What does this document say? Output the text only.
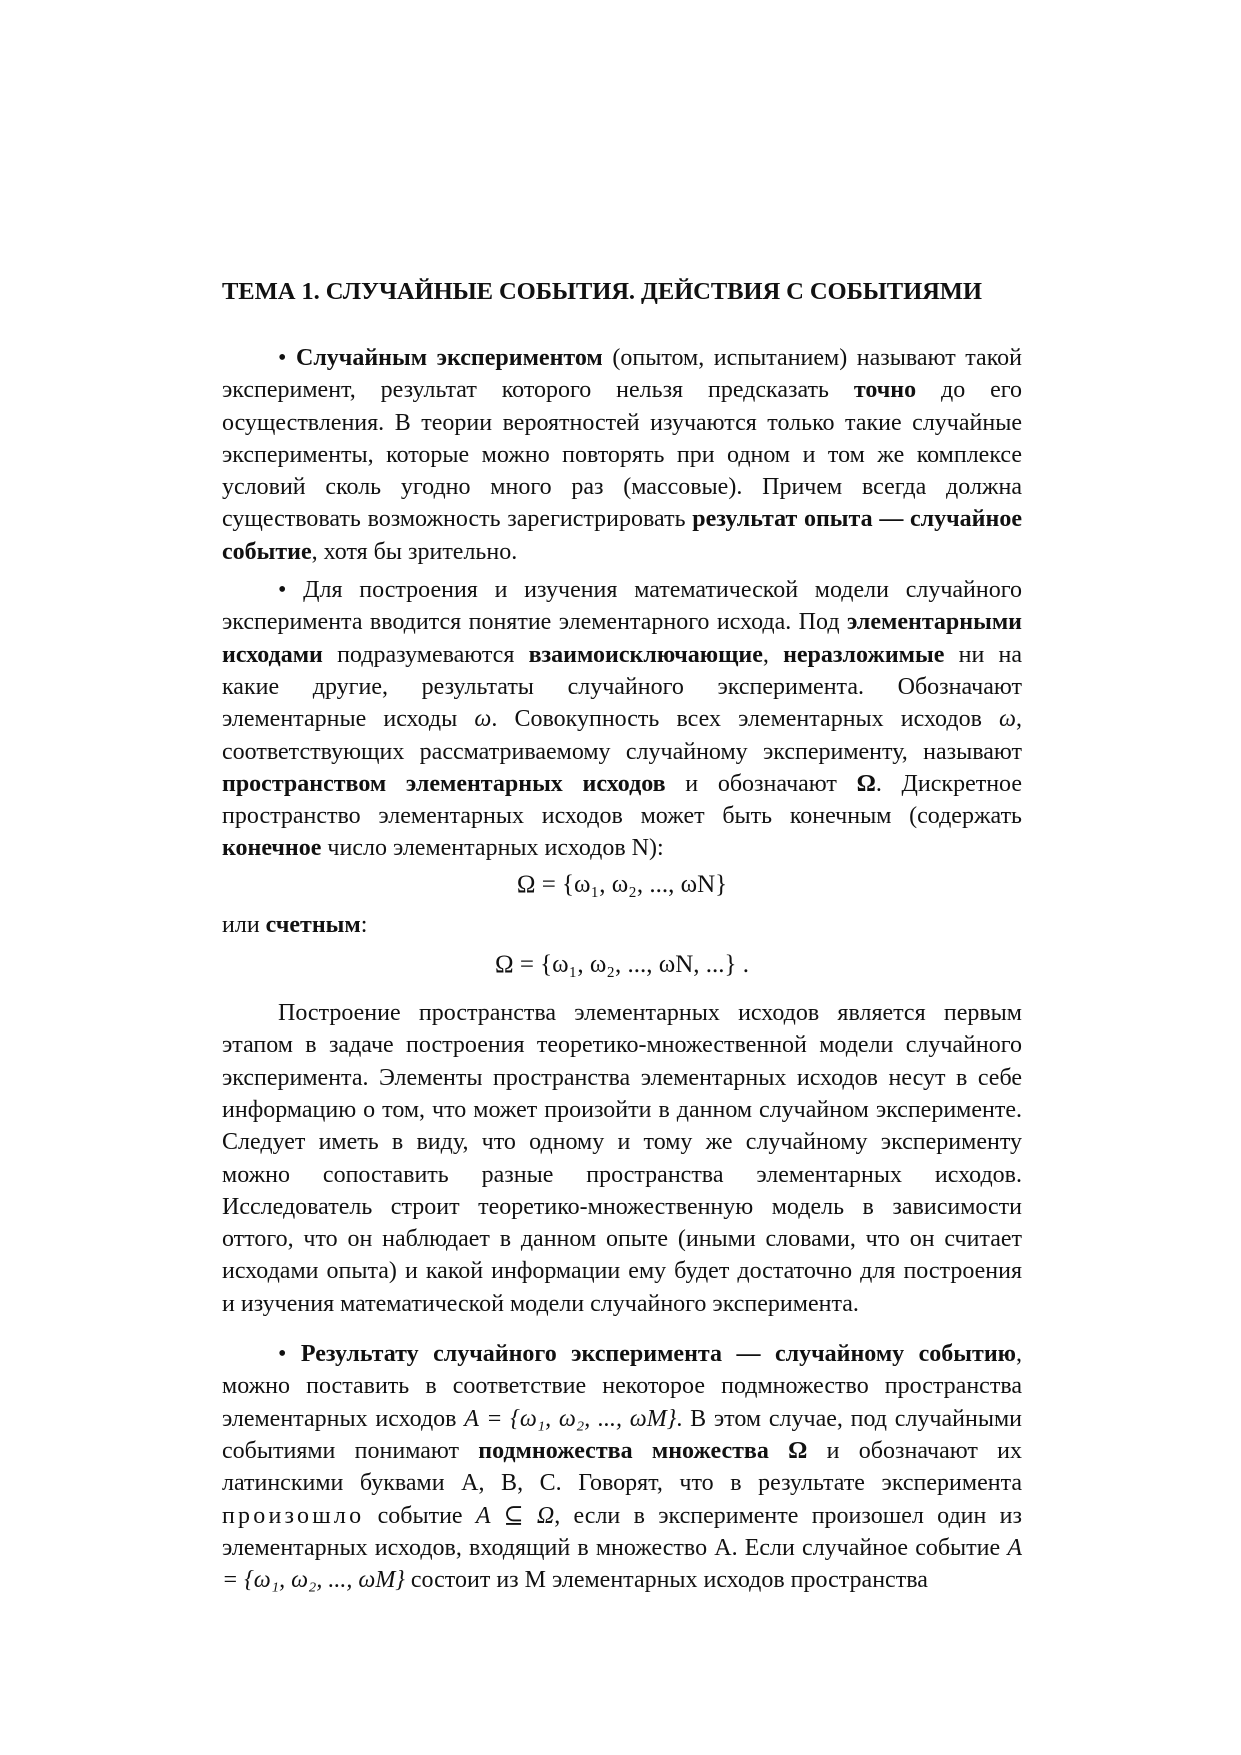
ТЕМА 1. СЛУЧАЙНЫЕ СОБЫТИЯ. ДЕЙСТВИЯ С СОБЫТИЯМИ

• Случайным экспериментом (опытом, испытанием) называют такой эксперимент, результат которого нельзя предсказать точно до его осуществления. В теории вероятностей изучаются только такие случайные эксперименты, которые можно повторять при одном и том же комплексе условий сколь угодно много раз (массовые). Причем всегда должна существовать возможность зарегистрировать результат опыта — случайное событие, хотя бы зрительно.

• Для построения и изучения математической модели случайного эксперимента вводится понятие элементарного исхода. Под элементарными исходами подразумеваются взаимоисключающие, неразложимые ни на какие другие, результаты случайного эксперимента. Обозначают элементарные исходы ω. Совокупность всех элементарных исходов ω, соответствующих рассматриваемому случайному эксперименту, называют пространством элементарных исходов и обозначают Ω. Дискретное пространство элементарных исходов может быть конечным (содержать конечное число элементарных исходов N):

Ω = {ω₁, ω₂, ..., ωN}

или счетным:

Ω = {ω₁, ω₂, ..., ωN, ...} .

Построение пространства элементарных исходов является первым этапом в задаче построения теоретико-множественной модели случайного эксперимента. Элементы пространства элементарных исходов несут в себе информацию о том, что может произойти в данном случайном эксперименте. Следует иметь в виду, что одному и тому же случайному эксперименту можно сопоставить разные пространства элементарных исходов. Исследователь строит теоретико-множественную модель в зависимости оттого, что он наблюдает в данном опыте (иными словами, что он считает исходами опыта) и какой информации ему будет достаточно для построения и изучения математической модели случайного эксперимента.

• Результату случайного эксперимента — случайному событию, можно поставить в соответствие некоторое подмножество пространства элементарных исходов A = {ω₁, ω₂, ..., ωM}. В этом случае, под случайными событиями понимают подмножества множества Ω и обозначают их латинскими буквами А, В, С. Говорят, что в результате эксперимента произошло событие A ⊆ Ω, если в эксперименте произошел один из элементарных исходов, входящий в множество А. Если случайное событие A = {ω₁, ω₂, ..., ωM} состоит из М элементарных исходов пространства
